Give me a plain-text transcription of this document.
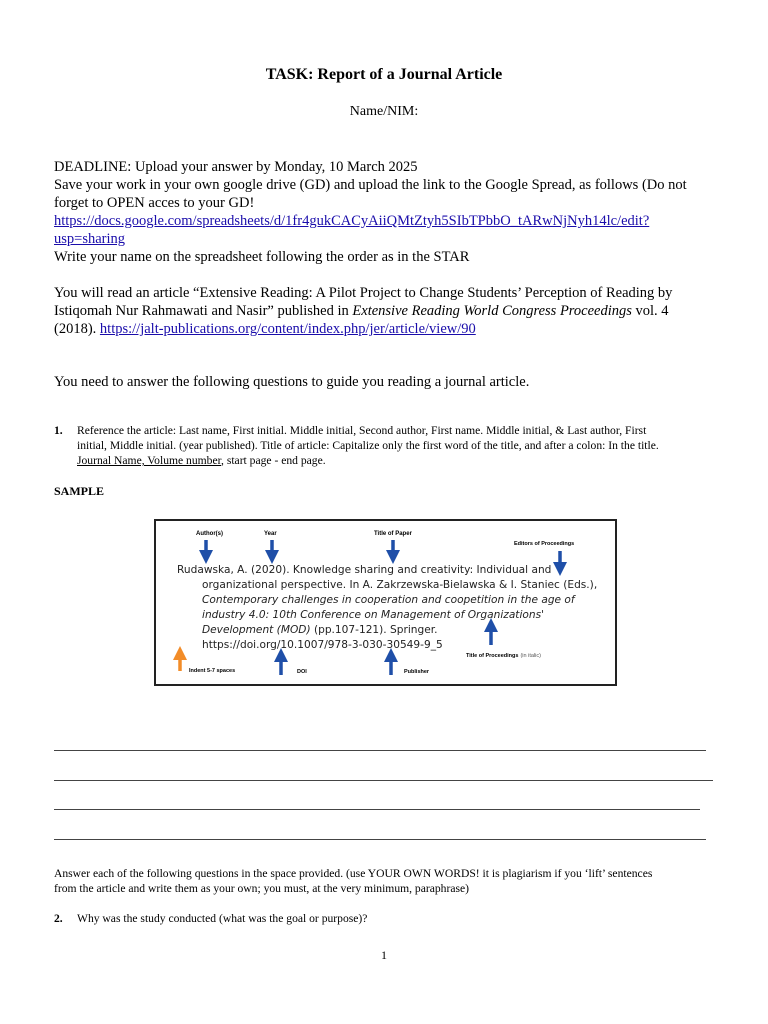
TASK: Report of a Journal Article
Name/NIM:
DEADLINE: Upload your answer by Monday, 10 March 2025
Save your work in your own google drive (GD) and upload the link to the Google Spread, as follows (Do not
forget to OPEN acces to your GD!
https://docs.google.com/spreadsheets/d/1fr4gukCACyAiiQMtZtyh5SIbTPbbO_tARwNjNyh14lc/edit?
usp=sharing
Write your name on the spreadsheet following the order as in the STAR
You will read an article “Extensive Reading: A Pilot Project to Change Students’ Perception of Reading by
Istiqomah Nur Rahmawati and Nasir” published in Extensive Reading World Congress Proceedings vol. 4
(2018). https://jalt-publications.org/content/index.php/jer/article/view/90
You need to answer the following questions to guide you reading a journal article.
1. Reference the article: Last name, First initial. Middle initial, Second author, First name. Middle initial, & Last author, First
initial, Middle initial. (year published). Title of article: Capitalize only the first word of the title, and after a colon: In the title.
Journal Name, Volume number, start page - end page.
SAMPLE
Author(s)	Year	Title of Paper
Editors of Proceedings
Rudawska, A. (2020). Knowledge sharing and creativity: Individual and
organizational perspective. In A. Zakrzewska-Bielawska & I. Staniec (Eds.),
Contemporary challenges in cooperation and coopetition in the age of
industry 4.0: 10th Conference on Management of Organizations'
Development (MOD) (pp.107-121). Springer.
https://doi.org/10.1007/978-3-030-30549-9_5
Title of Proceedings (in italic)
Indent 5-7 spaces	DOI	Publisher
Answer each of the following questions in the space provided. (use YOUR OWN WORDS! it is plagiarism if you ‘lift’ sentences
from the article and write them as your own; you must, at the very minimum, paraphrase)
2. Why was the study conducted (what was the goal or purpose)?
1
